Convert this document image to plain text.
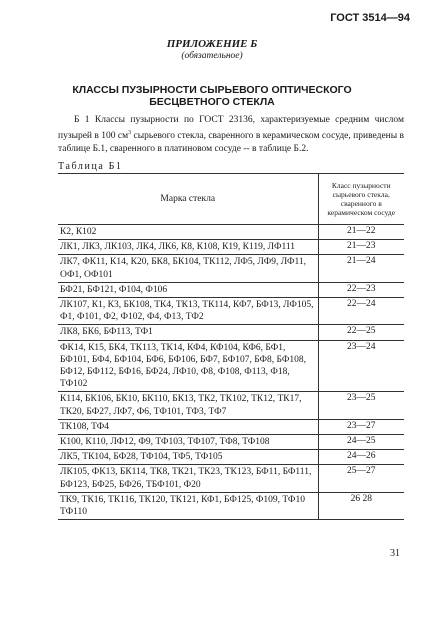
ГОСТ 3514—94
ПРИЛОЖЕНИЕ Б
(обязательное)
КЛАССЫ ПУЗЫРНОСТИ СЫРЬЕВОГО ОПТИЧЕСКОГО
БЕСЦВЕТНОГО СТЕКЛА
Б 1 Классы пузырности по ГОСТ 23136, характеризуемые средним числом пузырей в 100 $см^3$ сырьевого стекла, сваренного в керамическом сосуде, приведены в таблице Б.1, сваренного в платиновом сосуде -- в таблице Б.2.
Таблица Б1
Марка стекла	Класс пузырности сырьевого стекла, сваренного в керамическом сосуде
К2, К102	21—22
ЛК1, ЛК3, ЛК103, ЛК4, ЛК6, К8, К108, К19, К119, ЛФ111	21—23
ЛК7, ФК11, К14, К20, БК8, БК104, ТК112, ЛФ5, ЛФ9, ЛФ11, ОФ1, ОФ101	21—24
БФ21, БФ121, Ф104, Ф106	22—23
ЛК107, К1, К3, БК108, ТК4, ТК13, ТК114, КФ7, БФ13, ЛФ105, Ф1, Ф101, Ф2, Ф102, Ф4, Ф13, ТФ2	22—24
ЛК8, БК6, БФ113, ТФ1	22—25
ФК14, К15, БК4, ТК113, ТК14, КФ4, КФ104, КФ6, БФ1, БФ101, БФ4, БФ104, БФ6, БФ106, БФ7, БФ107, БФ8, БФ108, БФ12, БФ112, БФ16, БФ24, ЛФ10, Ф8, Ф108, Ф113, Ф18, ТФ102	23—24
К114, БК106, БК10, БК110, БК13, ТК2, ТК102, ТК12, ТК17, ТК20, БФ27, ЛФ7, Ф6, ТФ101, ТФ3, ТФ7	23—25
ТК108, ТФ4	23—27
К100, К110, ЛФ12, Ф9, ТФ103, ТФ107, ТФ8, ТФ108	24—25
ЛК5, ТК104, БФ28, ТФ104, ТФ5, ТФ105	24—26
ЛК105, ФК13, БК114, ТК8, ТК21, ТК23, ТК123, БФ11, БФ111, БФ123, БФ25, БФ26, ТБФ101, Ф20	25—27
ТК9, ТК16, ТК116, ТК120, ТК121, КФ1, БФ125, Ф109, ТФ10 ТФ110	26 28
31
